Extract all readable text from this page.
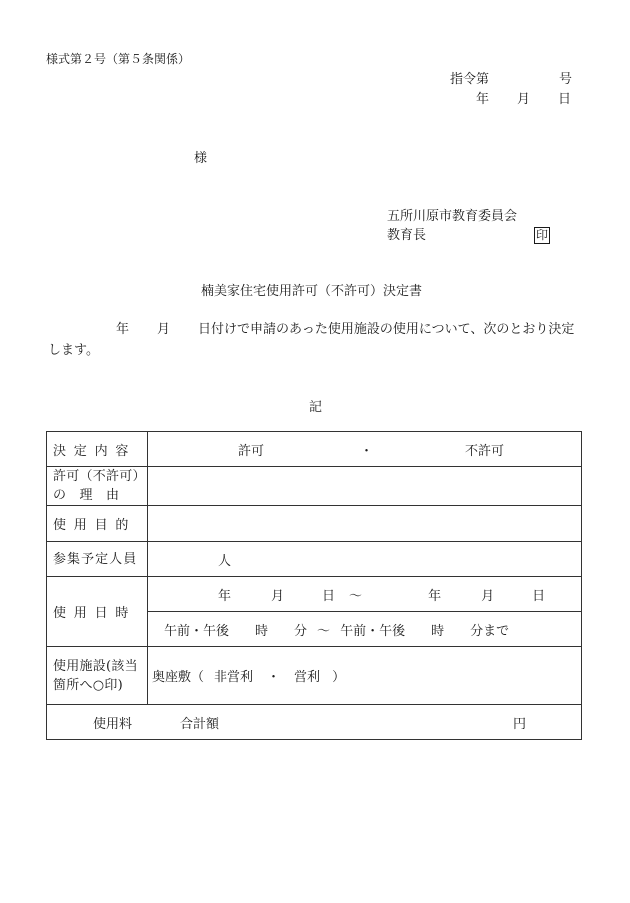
様式第２号（第５条関係）
指令第	号
年 月 日
様
五所川原市教育委員会
教育長	印
楠美家住宅使用許可（不許可）決定書
年 月 日付けで申請のあった使用施設の使用について、次のとおり決定
します。
記
決定内容	許可 ・ 不許可

許可（不許可）
の　理　由	

使用目的	
参集予定人員	人
使用日時	年 月 日 ～ 年 月 日
	午前・午後 時 分 ～ 午前・午後 時 分まで

使用施設(該当
箇所へ○印)	奥座敷（ 非営利 ・ 営利 ）
使用料 合計額 円	
